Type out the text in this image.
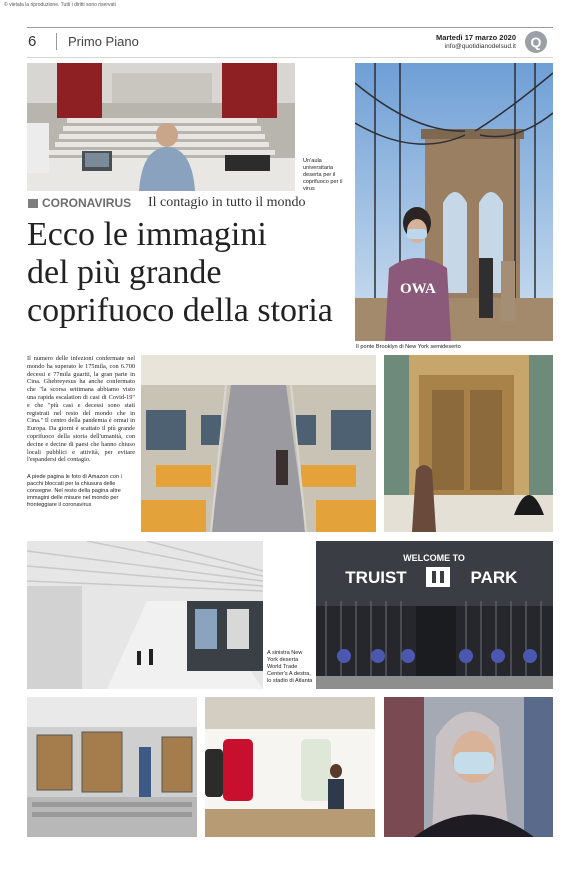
© vietata la riproduzione. Tutti i diritti sono riservati
6 Primo Piano	Martedì 17 marzo 2020
info@quotidianodelsud.it	Q
Un'aula universitaria deserta per il coprifuoco per il virus
OWA
Il ponte Brooklyn di New York semideserto
CORONAVIRUS Il contagio in tutto il mondo
Ecco le immagini
del più grande
coprifuoco della storia
Il numero delle infezioni confermate nel mondo ha superato le 175mila, con 6.700 decessi e 77mila guariti, la gran parte in Cina. Ghebreyesus ha anche confermato che "la scorsa settimana abbiamo visto una rapida escalation di casi di Covid-19" e che "più casi e decessi sono stati registrati nel resto del mondo che in Cina." Il centro della pandemia è ormai in Europa. Da giorni è scattato il più grande coprifuoco della storia dell'umanità, con decine e decine di paesi che hanno chiuso locali pubblici e attività, per evitare l'espandersi del contagio.
A piede pagina le foto di Amazon con i pacchi bloccati per la chiusura delle consegne. Nel resto della pagina altre immagini delle misure nel mondo per fronteggiare il coronavirus
A sinistra New York deserta World Trade Center's A destra, lo stadio di Atlanta
WELCOME TO
TRUIST	PARK
